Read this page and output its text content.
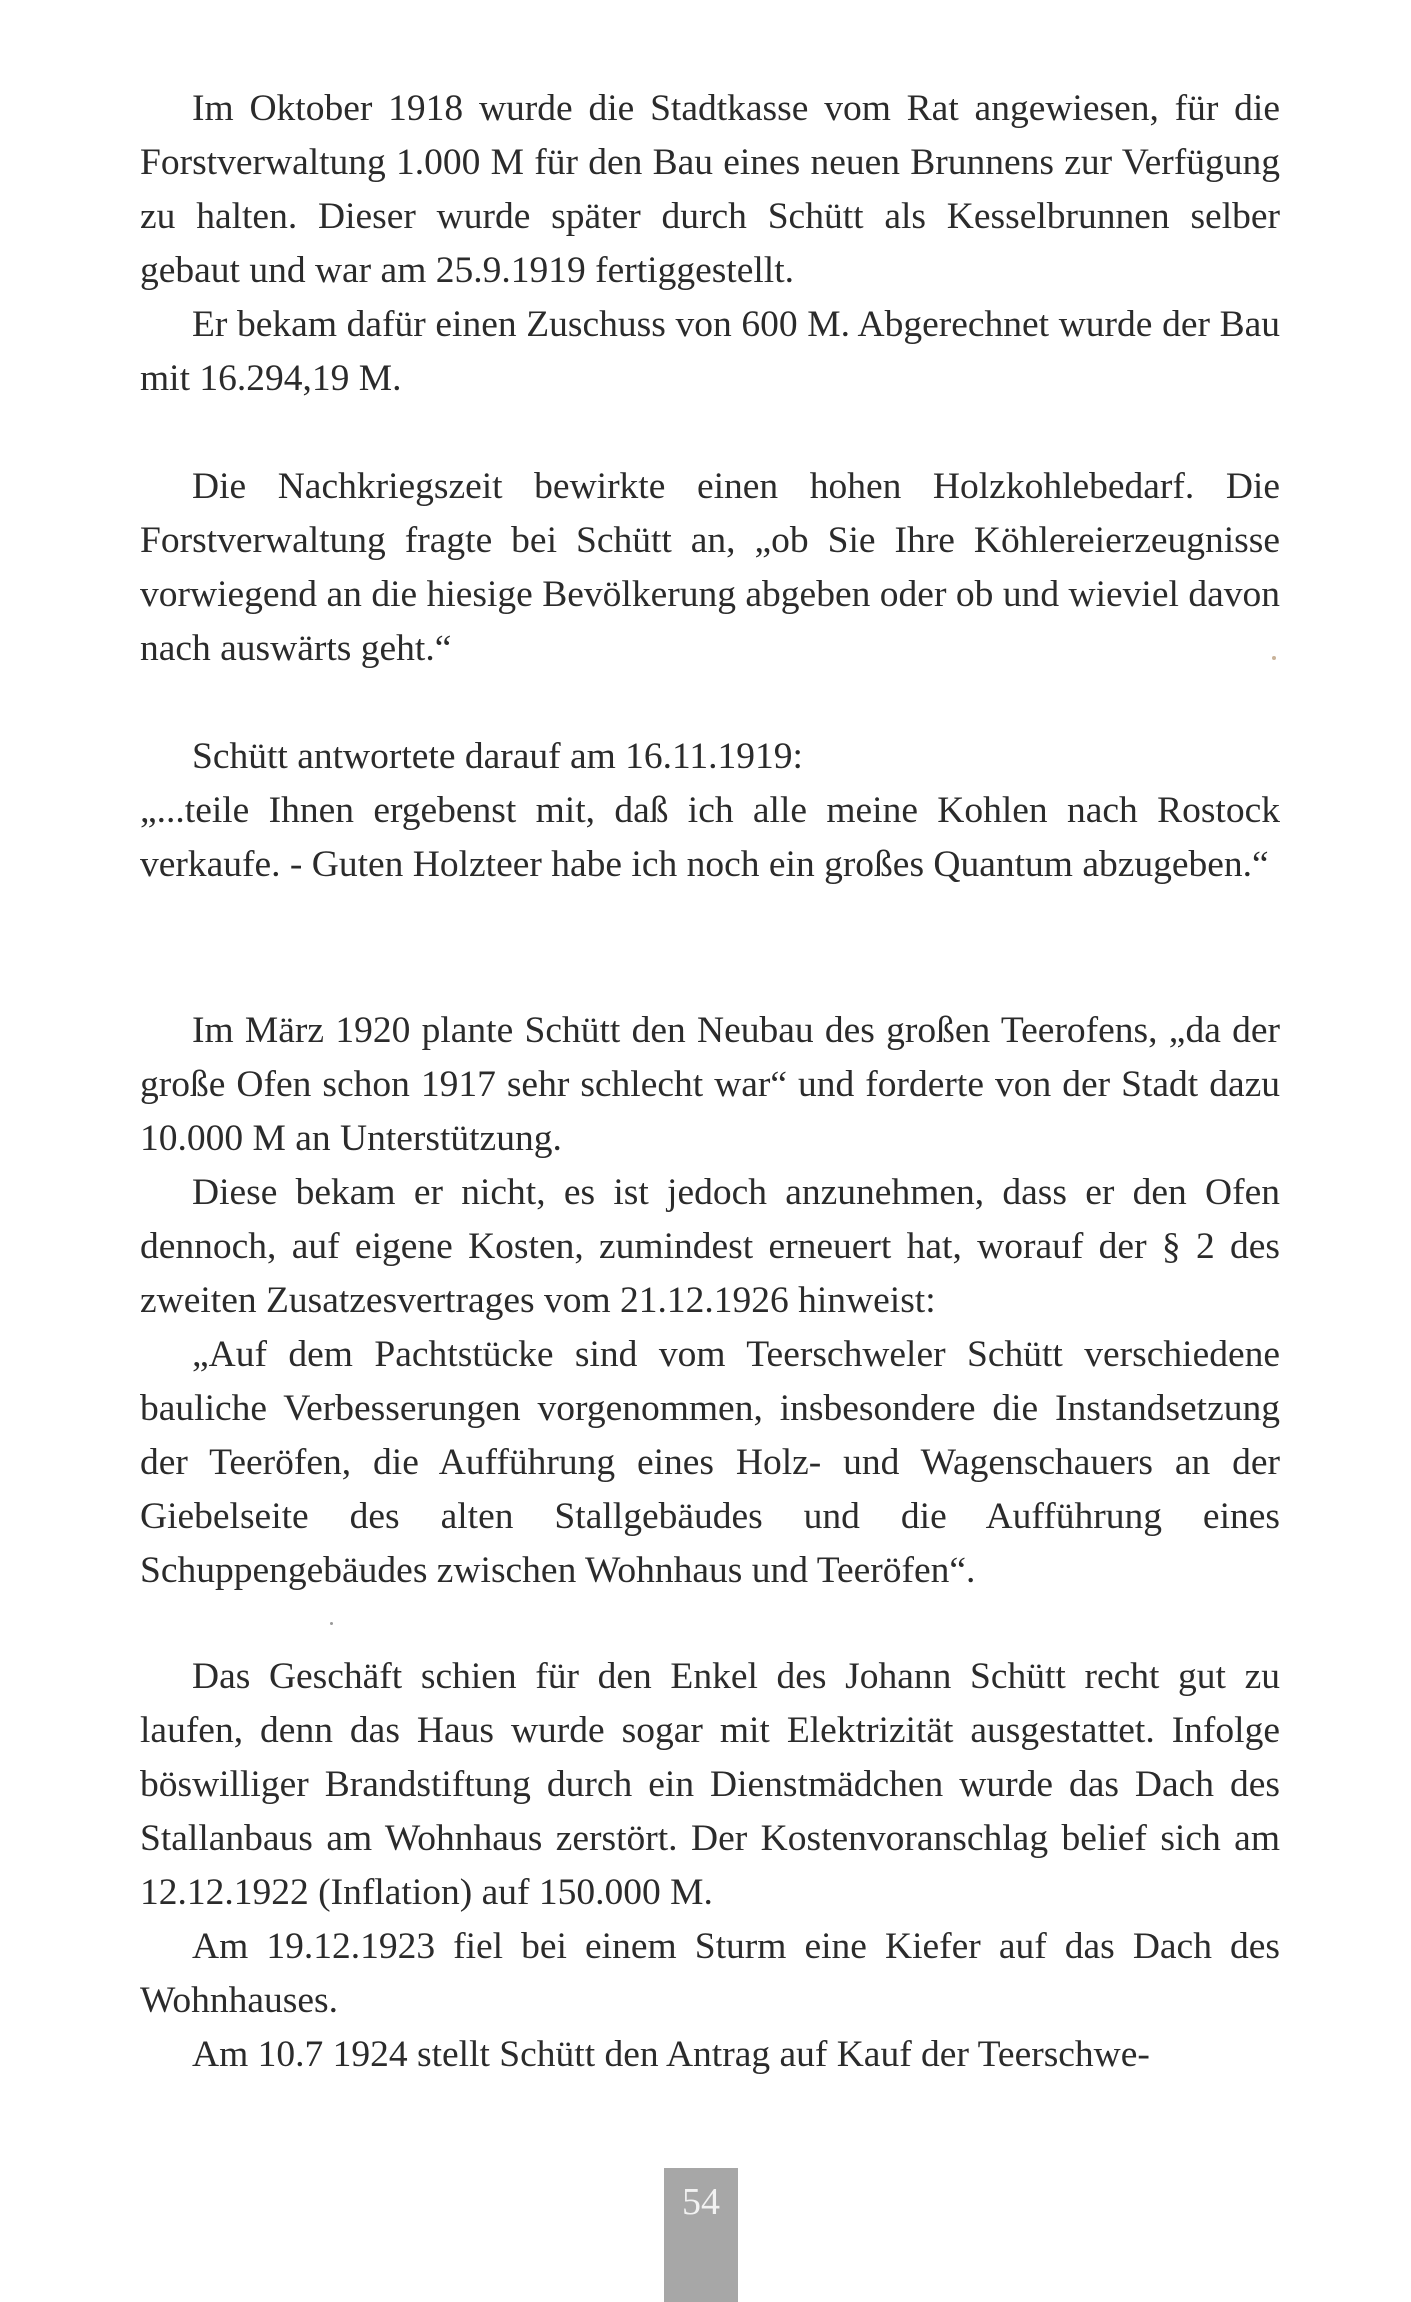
Im Oktober 1918 wurde die Stadtkasse vom Rat angewiesen, für die Forstverwaltung 1.000 M für den Bau eines neuen Brunnens zur Verfügung zu halten. Dieser wurde später durch Schütt als Kesselbrunnen selber gebaut und war am 25.9.1919 fertiggestellt.

Er bekam dafür einen Zuschuss von 600 M. Abgerechnet wurde der Bau mit 16.294,19 M.

Die Nachkriegszeit bewirkte einen hohen Holzkohlebedarf. Die Forstverwaltung fragte bei Schütt an, „ob Sie Ihre Köhlereierzeugnisse vorwiegend an die hiesige Bevölkerung abgeben oder ob und wieviel davon nach auswärts geht.“

Schütt antwortete darauf am 16.11.1919:

„...teile Ihnen ergebenst mit, daß ich alle meine Kohlen nach Rostock verkaufe. - Guten Holzteer habe ich noch ein großes Quantum abzugeben.“

Im März 1920 plante Schütt den Neubau des großen Teerofens, „da der große Ofen schon 1917 sehr schlecht war“ und forderte von der Stadt dazu 10.000 M an Unterstützung.

Diese bekam er nicht, es ist jedoch anzunehmen, dass er den Ofen dennoch, auf eigene Kosten, zumindest erneuert hat, worauf der § 2 des zweiten Zusatzesvertrages vom 21.12.1926 hinweist:

„Auf dem Pachtstücke sind vom Teerschweler Schütt verschiedene bauliche Verbesserungen vorgenommen, insbesondere die Instandsetzung der Teeröfen, die Aufführung eines Holz- und Wagenschauers an der Giebelseite des alten Stallgebäudes und die Aufführung eines Schuppengebäudes zwischen Wohnhaus und Teeröfen“.

Das Geschäft schien für den Enkel des Johann Schütt recht gut zu laufen, denn das Haus wurde sogar mit Elektrizität ausgestattet. Infolge böswilliger Brandstiftung durch ein Dienstmädchen wurde das Dach des Stallanbaus am Wohnhaus zerstört. Der Kostenvoranschlag belief sich am 12.12.1922 (Inflation) auf 150.000 M.

Am 19.12.1923 fiel bei einem Sturm eine Kiefer auf das Dach des Wohnhauses.

Am 10.7 1924 stellt Schütt den Antrag auf Kauf der Teerschwe-

54
